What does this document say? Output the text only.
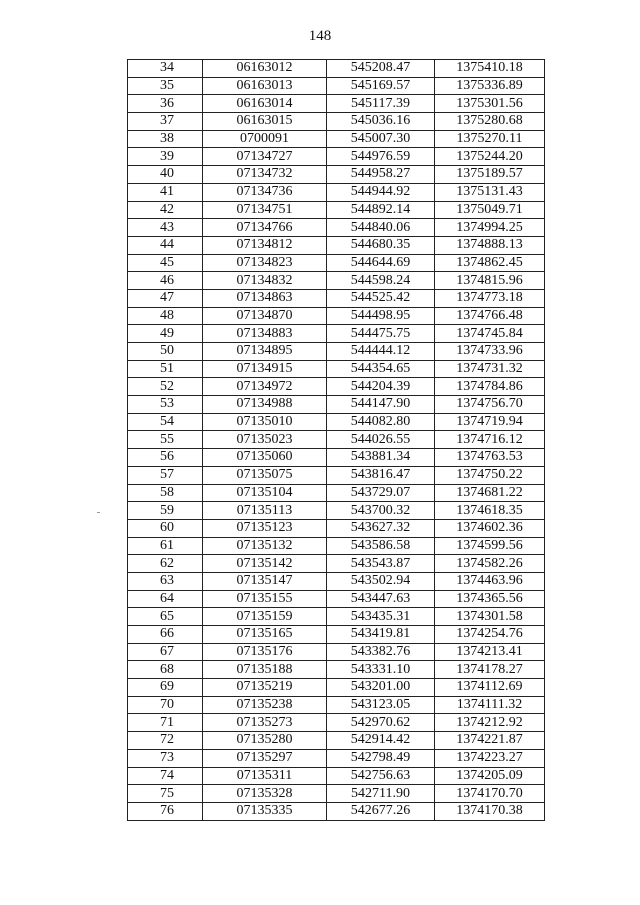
148
34	06163012	545208.47	1375410.18
35	06163013	545169.57	1375336.89
36	06163014	545117.39	1375301.56
37	06163015	545036.16	1375280.68
38	0700091	545007.30	1375270.11
39	07134727	544976.59	1375244.20
40	07134732	544958.27	1375189.57
41	07134736	544944.92	1375131.43
42	07134751	544892.14	1375049.71
43	07134766	544840.06	1374994.25
44	07134812	544680.35	1374888.13
45	07134823	544644.69	1374862.45
46	07134832	544598.24	1374815.96
47	07134863	544525.42	1374773.18
48	07134870	544498.95	1374766.48
49	07134883	544475.75	1374745.84
50	07134895	544444.12	1374733.96
51	07134915	544354.65	1374731.32
52	07134972	544204.39	1374784.86
53	07134988	544147.90	1374756.70
54	07135010	544082.80	1374719.94
55	07135023	544026.55	1374716.12
56	07135060	543881.34	1374763.53
57	07135075	543816.47	1374750.22
58	07135104	543729.07	1374681.22
59	07135113	543700.32	1374618.35
60	07135123	543627.32	1374602.36
61	07135132	543586.58	1374599.56
62	07135142	543543.87	1374582.26
63	07135147	543502.94	1374463.96
64	07135155	543447.63	1374365.56
65	07135159	543435.31	1374301.58
66	07135165	543419.81	1374254.76
67	07135176	543382.76	1374213.41
68	07135188	543331.10	1374178.27
69	07135219	543201.00	1374112.69
70	07135238	543123.05	1374111.32
71	07135273	542970.62	1374212.92
72	07135280	542914.42	1374221.87
73	07135297	542798.49	1374223.27
74	07135311	542756.63	1374205.09
75	07135328	542711.90	1374170.70
76	07135335	542677.26	1374170.38
